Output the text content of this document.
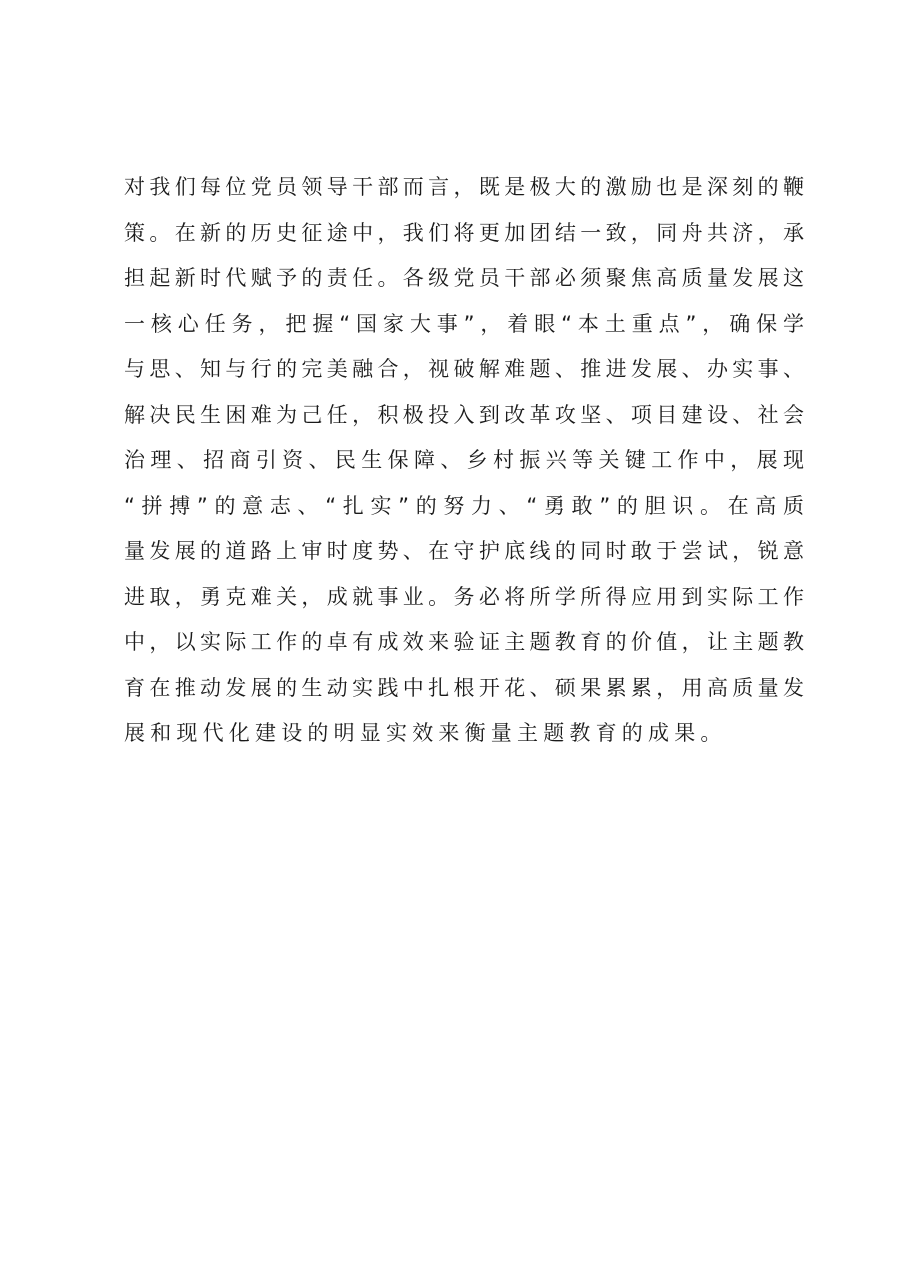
对我们每位党员领导干部而言，既是极大的激励也是深刻的鞭
策。在新的历史征途中，我们将更加团结一致，同舟共济，承
担起新时代赋予的责任。各级党员干部必须聚焦高质量发展这
一核心任务，把握“国家大事”，着眼“本土重点”，确保学
与思、知与行的完美融合，视破解难题、推进发展、办实事、
解决民生困难为己任，积极投入到改革攻坚、项目建设、社会
治理、招商引资、民生保障、乡村振兴等关键工作中，展现
“拼搏”的意志、“扎实”的努力、“勇敢”的胆识。在高质
量发展的道路上审时度势、在守护底线的同时敢于尝试，锐意
进取，勇克难关，成就事业。务必将所学所得应用到实际工作
中，以实际工作的卓有成效来验证主题教育的价值，让主题教
育在推动发展的生动实践中扎根开花、硕果累累，用高质量发
展和现代化建设的明显实效来衡量主题教育的成果。
